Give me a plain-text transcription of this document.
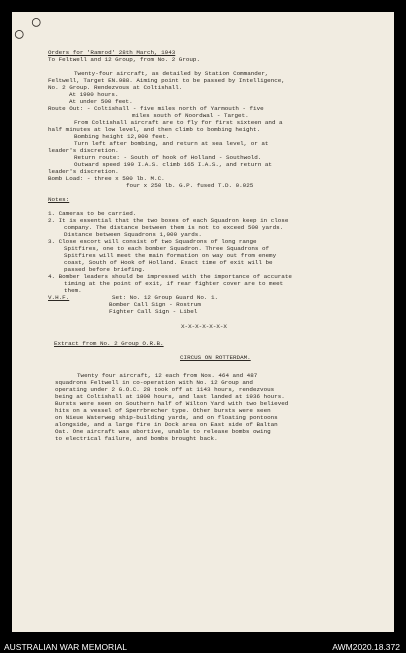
◯
◯
Orders for 'Ramrod' 28th March, 1943
To Feltwell and 12 Group, from No. 2 Group.
Twenty-four aircraft, as detailed by Station Commander,
Feltwell, Target EN.988. Aiming point to be passed by Intelligence,
No. 2 Group. Rendezvous at Coltishall.
At 1900 hours.
At under 500 feet.
Route Out: - Coltishall - five miles north of Yarmouth - five
miles south of Noordwal - Target.
From Coltishall aircraft are to fly for first sixteen and a
half minutes at low level, and then climb to bombing height.
Bombing height 12,000 feet.
Turn left after bombing, and return at sea level, or at
leader's discretion.
Return route: - South of hook of Holland - Southwold.
Outward speed 190 I.A.S. climb 165 I.A.S., and return at
leader's discretion.
Bomb Load: - three x 500 lb. M.C.
four x 250 lb. G.P. fused T.D. 0.025
Notes:
1. Cameras to be carried.
2. It is essential that the two boxes of each Squadron keep in close
company. The distance between them is not to exceed 500 yards.
Distance between Squadrons 1,000 yards.
3. Close escort will consist of two Squadrons of long range
Spitfires, one to each bomber Squadron. Three Squadrons of
Spitfires will meet the main formation on way out from enemy
coast, South of Hook of Holland. Exact time of exit will be
passed before briefing.
4. Bomber leaders should be impressed with the importance of accurate
timing at the point of exit, if rear fighter cover are to meet
them.
V.H.F.	Set: No. 12 Group Guard No. 1.
Bomber Call Sign - Rostrum
Fighter Call Sign - Libel
X-X-X-X-X-X-X
Extract from No. 2 Group O.R.B.
CIRCUS ON ROTTERDAM.
Twenty four aircraft, 12 each from Nos. 464 and 487
squadrons Feltwell in co-operation with No. 12 Group and
operating under 2 G.O.C. 28 took off at 1143 hours, rendezvous
being at Coltishall at 1800 hours, and last landed at 1936 hours.
Bursts were seen on Southern half of Wilton Yard with two believed
hits on a vessel of Sperrbrecher type. Other bursts were seen
on Nieue Waterweg ship-building yards, and on floating pontoons
alongside, and a large fire in Dock area on East side of Baltan
Oat. One aircraft was abortive, unable to release bombs owing
to electrical failure, and bombs brought back.
AUSTRALIAN WAR MEMORIAL	AWM2020.18.372
